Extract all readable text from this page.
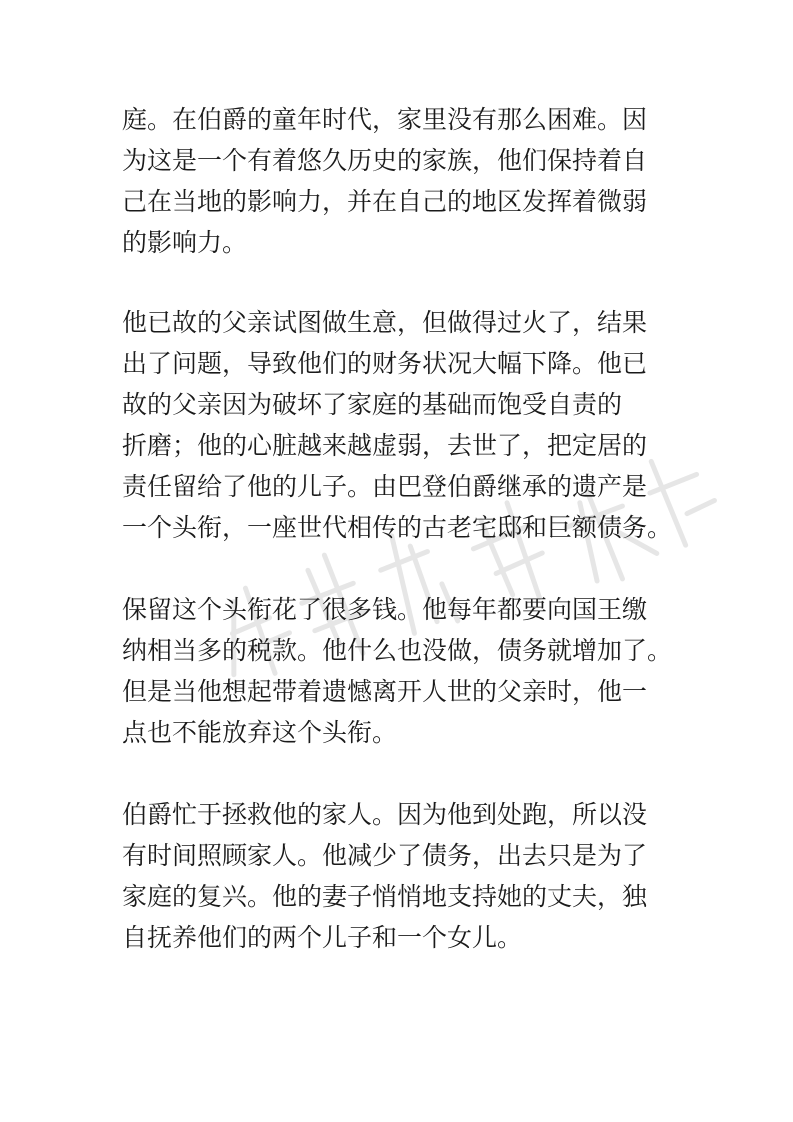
庭。在伯爵的童年时代，家里没有那么困难。因
为这是一个有着悠久历史的家族，他们保持着自
己在当地的影响力，并在自己的地区发挥着微弱
的影响力。

他已故的父亲试图做生意，但做得过火了，结果
出了问题，导致他们的财务状况大幅下降。他已
故的父亲因为破坏了家庭的基础而饱受自责的
折磨；他的心脏越来越虚弱，去世了，把定居的
责任留给了他的儿子。由巴登伯爵继承的遗产是
一个头衔，一座世代相传的古老宅邸和巨额债务。

保留这个头衔花了很多钱。他每年都要向国王缴
纳相当多的税款。他什么也没做，债务就增加了。
但是当他想起带着遗憾离开人世的父亲时，他一
点也不能放弃这个头衔。

伯爵忙于拯救他的家人。因为他到处跑，所以没
有时间照顾家人。他减少了债务，出去只是为了
家庭的复兴。他的妻子悄悄地支持她的丈夫，独
自抚养他们的两个儿子和一个女儿。
